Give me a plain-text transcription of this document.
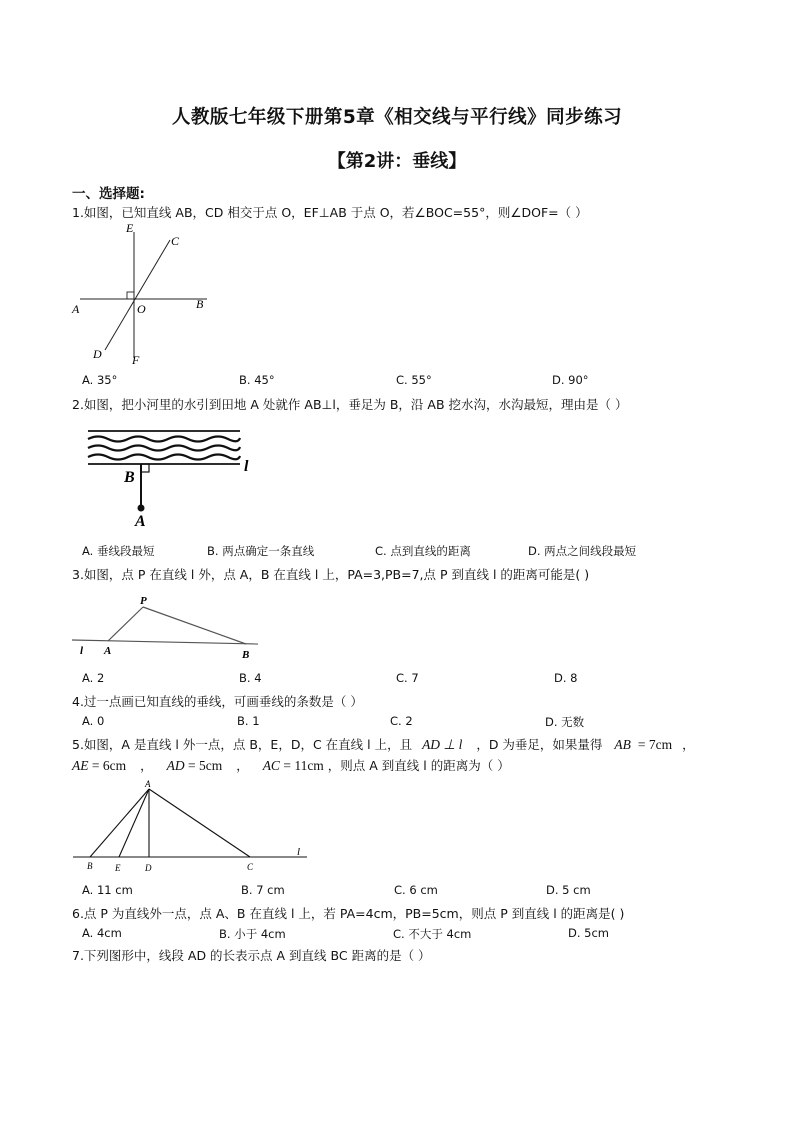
人教版七年级下册第5章《相交线与平行线》同步练习
【第2讲：垂线】
一、选择题:
1.如图，已知直线 AB，CD 相交于点 O，EF⊥AB 于点 O，若∠BOC=55°，则∠DOF=（ ）
E
C
A	O	B
D	F
A. 35°	B. 45°	C. 55°	D. 90°
2.如图，把小河里的水引到田地 A 处就作 AB⊥l，垂足为 B，沿 AB 挖水沟，水沟最短，理由是（ ）
B
l
A
A. 垂线段最短	B. 两点确定一条直线	C. 点到直线的距离	D. 两点之间线段最短
3.如图，点 P 在直线 l 外，点 A，B 在直线 l 上，PA=3,PB=7,点 P 到直线 l 的距离可能是( )
P
l A	B
A. 2	B. 4	C. 7	D. 8
4.过一点画已知直线的垂线，可画垂线的条数是（ ）
A. 0	B. 1	C. 2	D. 无数
5.如图，A 是直线 l 外一点，点 B，E，D，C 在直线 l 上，且 AD ⊥ l ，D 为垂足，如果量得 AB = 7cm ，
AE = 6cm ， AD = 5cm ， AC = 11cm ，则点 A 到直线 l 的距离为（ ）
A
B	E	D	C
l
A. 11 cm	B. 7 cm	C. 6 cm	D. 5 cm
6.点 P 为直线外一点，点 A、B 在直线 l 上，若 PA=4cm，PB=5cm，则点 P 到直线 l 的距离是( )
A. 4cm	B. 小于 4cm	C. 不大于 4cm	D. 5cm
7.下列图形中，线段 AD 的长表示点 A 到直线 BC 距离的是（ ）
